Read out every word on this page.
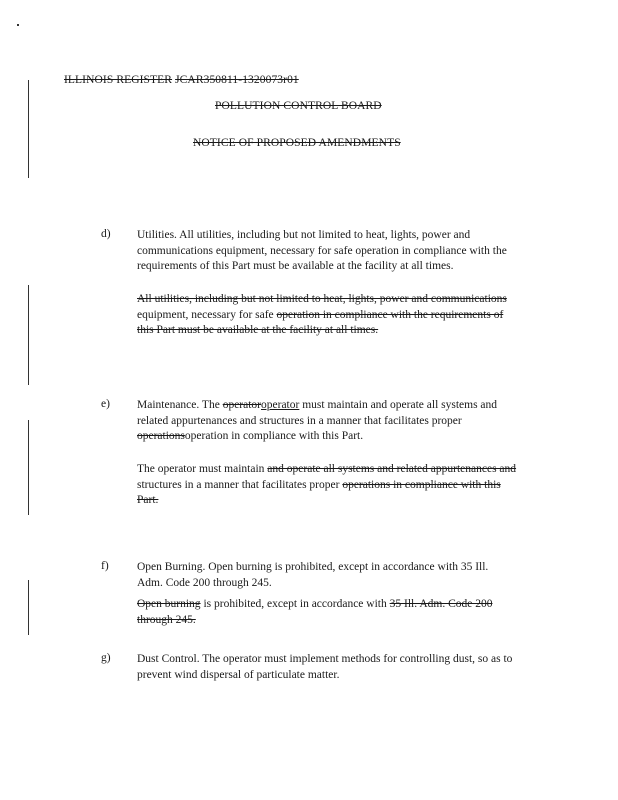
ILLINOIS REGISTER JCAR350811-1320073r01
POLLUTION CONTROL BOARD
NOTICE OF PROPOSED AMENDMENTS
d) Utilities. All utilities, including but not limited to heat, lights, power and
communications equipment, necessary for safe operation in compliance with the
requirements of this Part must be available at the facility at all times.
All utilities, including but not limited to heat, lights, power and communications
equipment, necessary for safe operation in compliance with the requirements of
this Part must be available at the facility at all times.
e) Maintenance. The operatoroperator must maintain and operate all systems and
related appurtenances and structures in a manner that facilitates proper
operationsoperation in compliance with this Part.
The operator must maintain and operate all systems and related appurtenances and
structures in a manner that facilitates proper operations in compliance with this
Part.
f) Open Burning. Open burning is prohibited, except in accordance with 35 Ill.
Adm. Code 200 through 245.
Open burning is prohibited, except in accordance with 35 Ill. Adm. Code 200
through 245.
g) Dust Control. The operator must implement methods for controlling dust, so as to
prevent wind dispersal of particulate matter.
